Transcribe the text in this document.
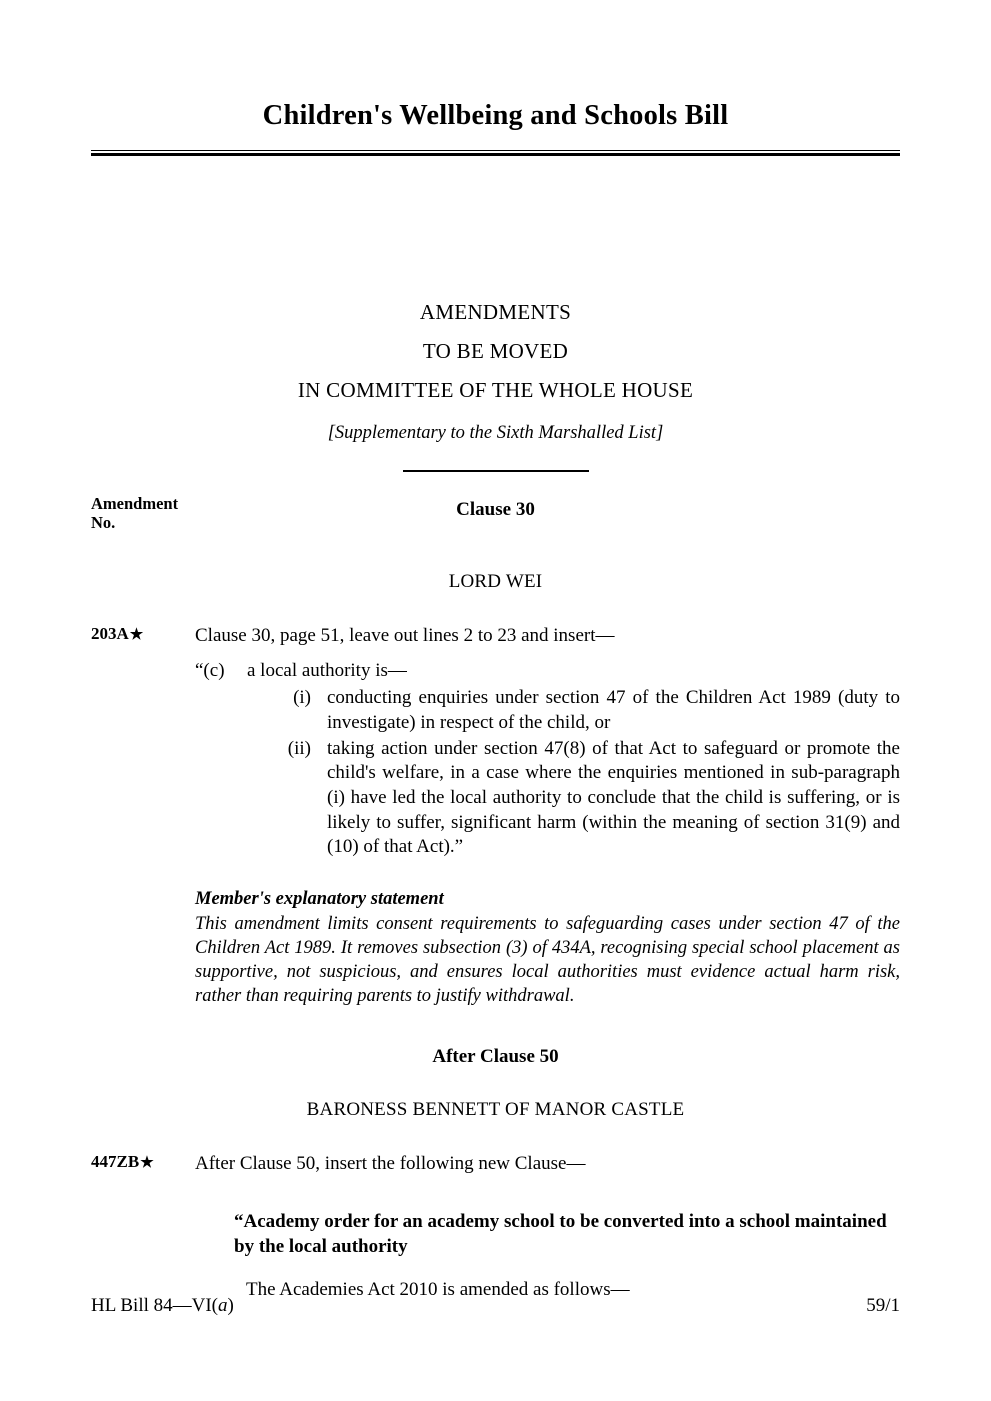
Children's Wellbeing and Schools Bill
AMENDMENTS
TO BE MOVED
IN COMMITTEE OF THE WHOLE HOUSE
[Supplementary to the Sixth Marshalled List]
Amendment
No.
Clause 30
LORD WEI
203A★	Clause 30, page 51, leave out lines 2 to 23 and insert—
“(c) a local authority is—
(i) conducting enquiries under section 47 of the Children Act 1989 (duty to investigate) in respect of the child, or
(ii) taking action under section 47(8) of that Act to safeguard or promote the child's welfare, in a case where the enquiries mentioned in sub-paragraph (i) have led the local authority to conclude that the child is suffering, or is likely to suffer, significant harm (within the meaning of section 31(9) and (10) of that Act).”
Member's explanatory statement
This amendment limits consent requirements to safeguarding cases under section 47 of the Children Act 1989. It removes subsection (3) of 434A, recognising special school placement as supportive, not suspicious, and ensures local authorities must evidence actual harm risk, rather than requiring parents to justify withdrawal.
After Clause 50
BARONESS BENNETT OF MANOR CASTLE
447ZB★ After Clause 50, insert the following new Clause—
“Academy order for an academy school to be converted into a school maintained by the local authority
The Academies Act 2010 is amended as follows—
HL Bill 84—VI(a)	59/1
